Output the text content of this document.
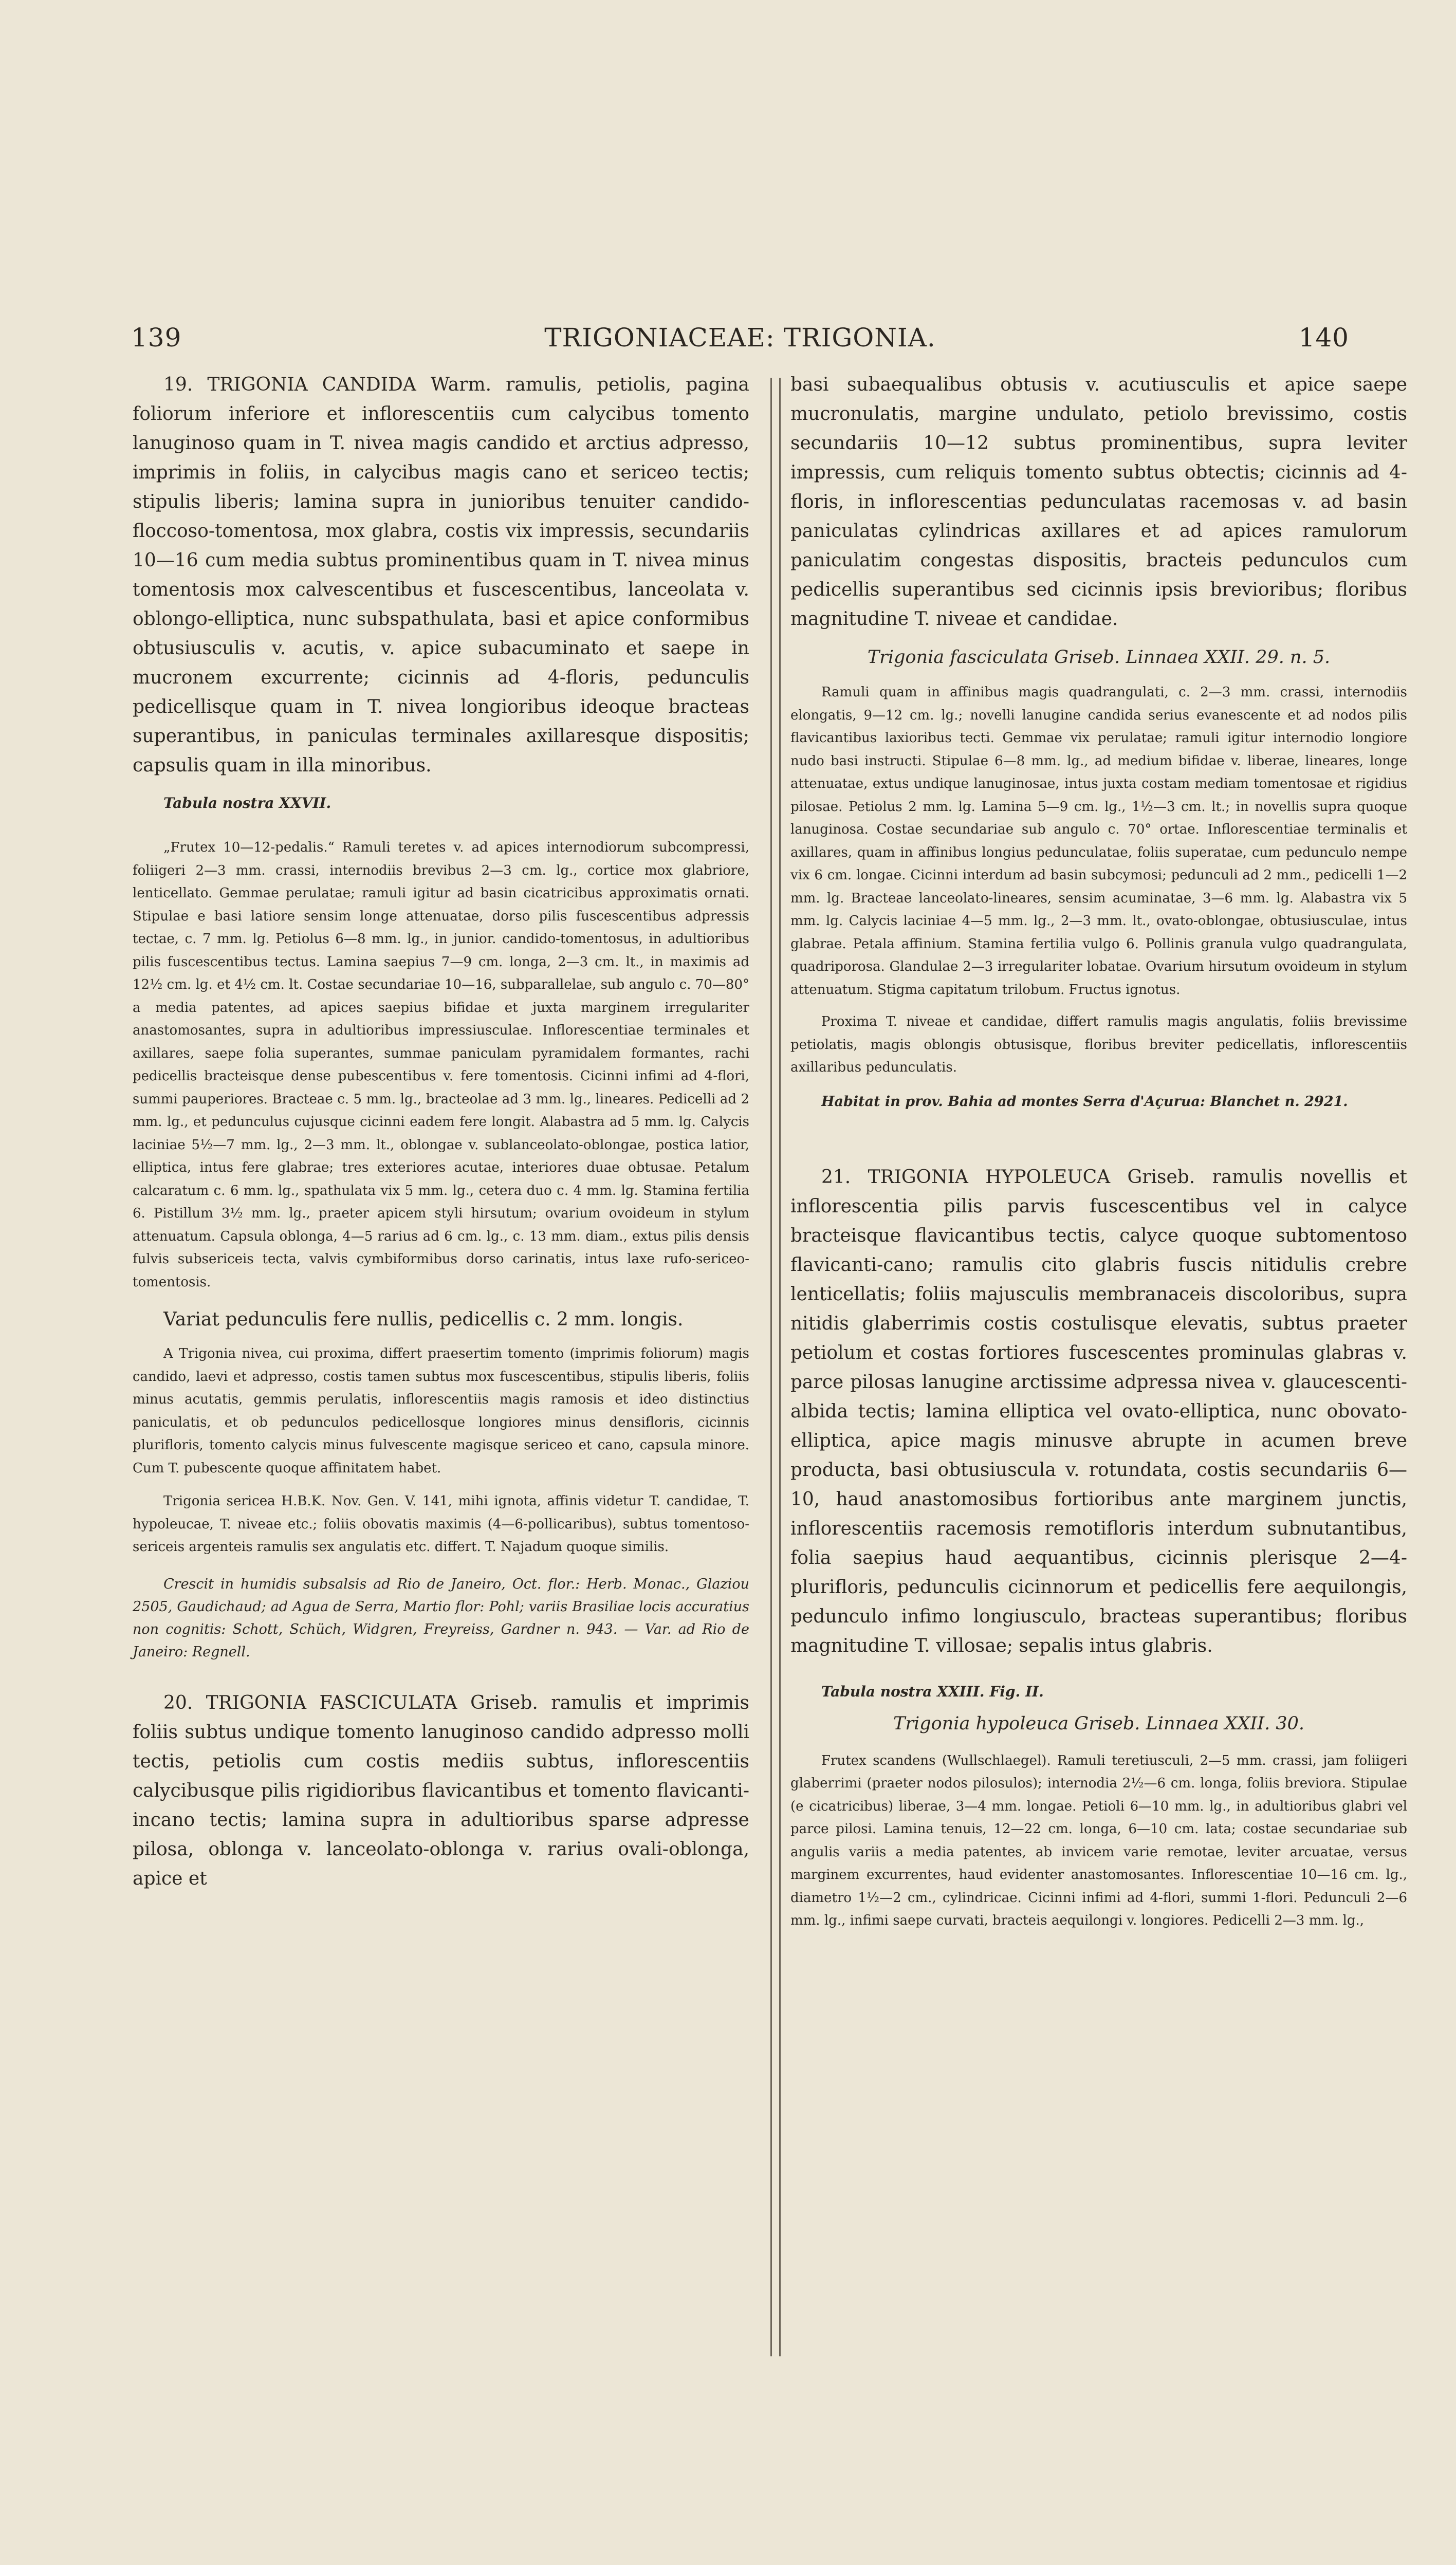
139	TRIGONIACEAE: TRIGONIA.	140

19. TRIGONIA CANDIDA Warm. ramulis, petiolis, pagina foliorum inferiore et inflorescentiis cum calycibus tomento lanuginoso quam in T. nivea magis candido et arctius adpresso, imprimis in foliis, in calycibus magis cano et sericeo tectis; stipulis liberis; lamina supra in junioribus tenuiter candido-floccoso-tomentosa, mox glabra, costis vix impressis, secundariis 10—16 cum media subtus prominentibus quam in T. nivea minus tomentosis mox calvescentibus et fuscescentibus, lanceolata v. oblongo-elliptica, nunc subspathulata, basi et apice conformibus obtusiusculis v. acutis, v. apice subacuminato et saepe in mucronem excurrente; cicinnis ad 4-floris, pedunculis pedicellisque quam in T. nivea longioribus ideoque bracteas superantibus, in paniculas terminales axillaresque dispositis; capsulis quam in illa minoribus.

Tabula nostra XXVII.

„Frutex 10—12-pedalis.“ Ramuli teretes v. ad apices internodiorum subcompressi, foliigeri 2—3 mm. crassi, internodiis brevibus 2—3 cm. lg., cortice mox glabriore, lenticellato. Gemmae perulatae; ramuli igitur ad basin cicatricibus approximatis ornati. Stipulae e basi latiore sensim longe attenuatae, dorso pilis fuscescentibus adpressis tectae, c. 7 mm. lg. Petiolus 6—8 mm. lg., in junior. candido-tomentosus, in adultioribus pilis fuscescentibus tectus. Lamina saepius 7—9 cm. longa, 2—3 cm. lt., in maximis ad 12½ cm. lg. et 4½ cm. lt. Costae secundariae 10—16, subparallelae, sub angulo c. 70—80° a media patentes, ad apices saepius bifidae et juxta marginem irregulariter anastomosantes, supra in adultioribus impressiusculae. Inflorescentiae terminales et axillares, saepe folia superantes, summae paniculam pyramidalem formantes, rachi pedicellis bracteisque dense pubescentibus v. fere tomentosis. Cicinni infimi ad 4-flori, summi pauperiores. Bracteae c. 5 mm. lg., bracteolae ad 3 mm. lg., lineares. Pedicelli ad 2 mm. lg., et pedunculus cujusque cicinni eadem fere longit. Alabastra ad 5 mm. lg. Calycis laciniae 5½—7 mm. lg., 2—3 mm. lt., oblongae v. sublanceolato-oblongae, postica latior, elliptica, intus fere glabrae; tres exteriores acutae, interiores duae obtusae. Petalum calcaratum c. 6 mm. lg., spathulata vix 5 mm. lg., cetera duo c. 4 mm. lg. Stamina fertilia 6. Pistillum 3½ mm. lg., praeter apicem styli hirsutum; ovarium ovoideum in stylum attenuatum. Capsula oblonga, 4—5 rarius ad 6 cm. lg., c. 13 mm. diam., extus pilis densis fulvis subsericeis tecta, valvis cymbiformibus dorso carinatis, intus laxe rufo-sericeo-tomentosis.

Variat pedunculis fere nullis, pedicellis c. 2 mm. longis.

A Trigonia nivea, cui proxima, differt praesertim tomento (imprimis foliorum) magis candido, laevi et adpresso, costis tamen subtus mox fuscescentibus, stipulis liberis, foliis minus acutatis, gemmis perulatis, inflorescentiis magis ramosis et ideo distinctius paniculatis, et ob pedunculos pedicellosque longiores minus densifloris, cicinnis plurifloris, tomento calycis minus fulvescente magisque sericeo et cano, capsula minore. Cum T. pubescente quoque affinitatem habet.

Trigonia sericea H.B.K. Nov. Gen. V. 141, mihi ignota, affinis videtur T. candidae, T. hypoleucae, T. niveae etc.; foliis obovatis maximis (4—6-pollicaribus), subtus tomentoso-sericeis argenteis ramulis sex angulatis etc. differt. T. Najadum quoque similis.

Crescit in humidis subsalsis ad Rio de Janeiro, Oct. flor.: Herb. Monac., Glaziou 2505, Gaudichaud; ad Agua de Serra, Martio flor: Pohl; variis Brasiliae locis accuratius non cognitis: Schott, Schüch, Widgren, Freyreiss, Gardner n. 943. — Var. ad Rio de Janeiro: Regnell.

20. TRIGONIA FASCICULATA Griseb. ramulis et imprimis foliis subtus undique tomento lanuginoso candido adpresso molli tectis, petiolis cum costis mediis subtus, inflorescentiis calycibusque pilis rigidioribus flavicantibus et tomento flavicanti-incano tectis; lamina supra in adultioribus sparse adpresse pilosa, oblonga v. lanceolato-oblonga v. rarius ovali-oblonga, apice et

basi subaequalibus obtusis v. acutiusculis et apice saepe mucronulatis, margine undulato, petiolo brevissimo, costis secundariis 10—12 subtus prominentibus, supra leviter impressis, cum reliquis tomento subtus obtectis; cicinnis ad 4-floris, in inflorescentias pedunculatas racemosas v. ad basin paniculatas cylindricas axillares et ad apices ramulorum paniculatim congestas dispositis, bracteis pedunculos cum pedicellis superantibus sed cicinnis ipsis brevioribus; floribus magnitudine T. niveae et candidae.

Trigonia fasciculata Griseb. Linnaea XXII. 29. n. 5.

Ramuli quam in affinibus magis quadrangulati, c. 2—3 mm. crassi, internodiis elongatis, 9—12 cm. lg.; novelli lanugine candida serius evanescente et ad nodos pilis flavicantibus laxioribus tecti. Gemmae vix perulatae; ramuli igitur internodio longiore nudo basi instructi. Stipulae 6—8 mm. lg., ad medium bifidae v. liberae, lineares, longe attenuatae, extus undique lanuginosae, intus juxta costam mediam tomentosae et rigidius pilosae. Petiolus 2 mm. lg. Lamina 5—9 cm. lg., 1½—3 cm. lt.; in novellis supra quoque lanuginosa. Costae secundariae sub angulo c. 70° ortae. Inflorescentiae terminalis et axillares, quam in affinibus longius pedunculatae, foliis superatae, cum pedunculo nempe vix 6 cm. longae. Cicinni interdum ad basin subcymosi; pedunculi ad 2 mm., pedicelli 1—2 mm. lg. Bracteae lanceolato-lineares, sensim acuminatae, 3—6 mm. lg. Alabastra vix 5 mm. lg. Calycis laciniae 4—5 mm. lg., 2—3 mm. lt., ovato-oblongae, obtusiusculae, intus glabrae. Petala affinium. Stamina fertilia vulgo 6. Pollinis granula vulgo quadrangulata, quadriporosa. Glandulae 2—3 irregulariter lobatae. Ovarium hirsutum ovoideum in stylum attenuatum. Stigma capitatum trilobum. Fructus ignotus.

Proxima T. niveae et candidae, differt ramulis magis angulatis, foliis brevissime petiolatis, magis oblongis obtusisque, floribus breviter pedicellatis, inflorescentiis axillaribus pedunculatis.

Habitat in prov. Bahia ad montes Serra d'Açurua: Blanchet n. 2921.

21. TRIGONIA HYPOLEUCA Griseb. ramulis novellis et inflorescentia pilis parvis fuscescentibus vel in calyce bracteisque flavicantibus tectis, calyce quoque subtomentoso flavicanti-cano; ramulis cito glabris fuscis nitidulis crebre lenticellatis; foliis majusculis membranaceis discoloribus, supra nitidis glaberrimis costis costulisque elevatis, subtus praeter petiolum et costas fortiores fuscescentes prominulas glabras v. parce pilosas lanugine arctissime adpressa nivea v. glaucescenti-albida tectis; lamina elliptica vel ovato-elliptica, nunc obovato-elliptica, apice magis minusve abrupte in acumen breve producta, basi obtusiuscula v. rotundata, costis secundariis 6—10, haud anastomosibus fortioribus ante marginem junctis, inflorescentiis racemosis remotifloris interdum subnutantibus, folia saepius haud aequantibus, cicinnis plerisque 2—4-plurifloris, pedunculis cicinnorum et pedicellis fere aequilongis, pedunculo infimo longiusculo, bracteas superantibus; floribus magnitudine T. villosae; sepalis intus glabris.

Tabula nostra XXIII. Fig. II.

Trigonia hypoleuca Griseb. Linnaea XXII. 30.

Frutex scandens (Wullschlaegel). Ramuli teretiusculi, 2—5 mm. crassi, jam foliigeri glaberrimi (praeter nodos pilosulos); internodia 2½—6 cm. longa, foliis breviora. Stipulae (e cicatricibus) liberae, 3—4 mm. longae. Petioli 6—10 mm. lg., in adultioribus glabri vel parce pilosi. Lamina tenuis, 12—22 cm. longa, 6—10 cm. lata; costae secundariae sub angulis variis a media patentes, ab invicem varie remotae, leviter arcuatae, versus marginem excurrentes, haud evidenter anastomosantes. Inflorescentiae 10—16 cm. lg., diametro 1½—2 cm., cylindricae. Cicinni infimi ad 4-flori, summi 1-flori. Pedunculi 2—6 mm. lg., infimi saepe curvati, bracteis aequilongi v. longiores. Pedicelli 2—3 mm. lg.,
